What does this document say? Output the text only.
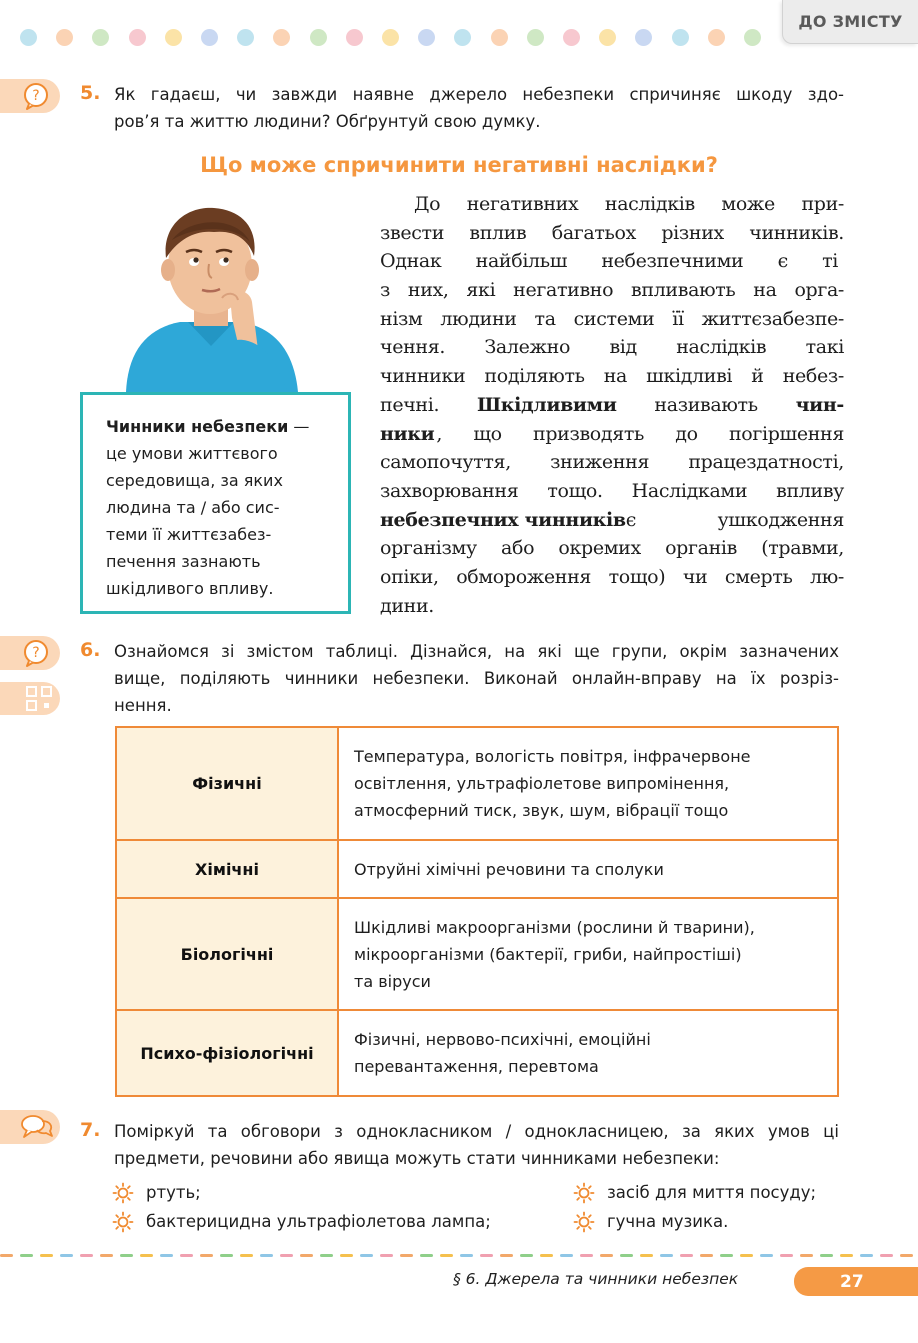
ДО ЗМІСТУ
? 5. Як гадаєш, чи завжди наявне джерело небезпеки спричиняє шкоду здо-
ров’я та життю людини? Обґрунтуй свою думку.
Що може спричинити негативні наслідки?
До негативних наслідків може при-
звести вплив багатьох різних чинників.
Однак найбільш небезпечними є ті
з них, які негативно впливають на орга-
нізм людини та системи її життєзабезпе-
чення. Залежно від наслідків такі
чинники поділяють на шкідливі й небез-
печні. Шкідливими називають чин-
ники , що призводять до погіршення
самопочуття, зниження працездатності,
захворювання тощо. Наслідками впливу
небезпечних чинників є ушкодження
організму або окремих органів (травми,
опіки, обмороження тощо) чи смерть лю-
дини.

Чинники небезпеки —

це умови життєвого

середовища, за яких

людина та / або сис-

теми її життєзабез-

печення зазнають

шкідливого впливу.

? 6. Ознайомся зі змістом таблиці. Дізнайся, на які ще групи, окрім зазначених
вище, поділяють чинники небезпеки. Виконай онлайн-вправу на їх розріз-
нення.
Фізичні
Температура, вологість повітря, інфрачервоне
освітлення, ультрафіолетове випромінення,
атмосферний тиск, звук, шум, вібрації тощо
Хімічні	Отруйні хімічні речовини та сполуки
Біологічні
Шкідливі макроорганізми (рослини й тварини),
мікроорганізми (бактерії, гриби, найпростіші)
та віруси
Психо-фізіологічні
Фізичні, нервово-психічні, емоційні
перевантаження, перевтома
7. Поміркуй та обговори з однокласником / однокласницею, за яких умов ці
предмети, речовини або явища можуть стати чинниками небезпеки:
ртуть;
бактерицидна ультрафіолетова лампа;
засіб для миття посуду;
гучна музика.
§ 6. Джерела та чинники небезпек	27
